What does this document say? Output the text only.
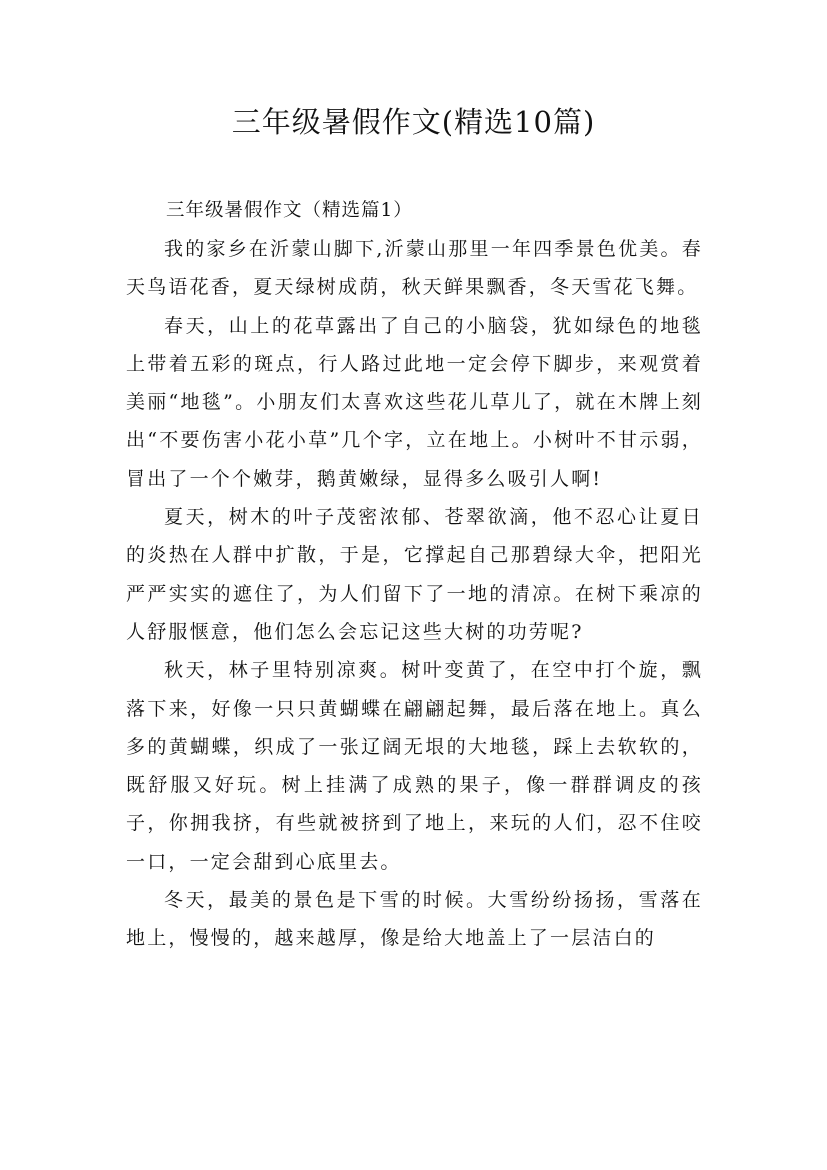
三年级暑假作文(精选10篇)

三年级暑假作文（精选篇1）

我的家乡在沂蒙山脚下,沂蒙山那里一年四季景色优美。春天鸟语花香，夏天绿树成荫，秋天鲜果飘香，冬天雪花飞舞。

春天，山上的花草露出了自己的小脑袋，犹如绿色的地毯上带着五彩的斑点，行人路过此地一定会停下脚步，来观赏着美丽“地毯”。小朋友们太喜欢这些花儿草儿了，就在木牌上刻出“不要伤害小花小草”几个字，立在地上。小树叶不甘示弱，冒出了一个个嫩芽，鹅黄嫩绿，显得多么吸引人啊!

夏天，树木的叶子茂密浓郁、苍翠欲滴，他不忍心让夏日的炎热在人群中扩散，于是，它撑起自己那碧绿大伞，把阳光严严实实的遮住了，为人们留下了一地的清凉。在树下乘凉的人舒服惬意，他们怎么会忘记这些大树的功劳呢?

秋天，林子里特别凉爽。树叶变黄了，在空中打个旋，飘落下来，好像一只只黄蝴蝶在翩翩起舞，最后落在地上。真么多的黄蝴蝶，织成了一张辽阔无垠的大地毯，踩上去软软的，既舒服又好玩。树上挂满了成熟的果子，像一群群调皮的孩子，你拥我挤，有些就被挤到了地上，来玩的人们，忍不住咬一口，一定会甜到心底里去。

冬天，最美的景色是下雪的时候。大雪纷纷扬扬，雪落在地上，慢慢的，越来越厚，像是给大地盖上了一层洁白的
